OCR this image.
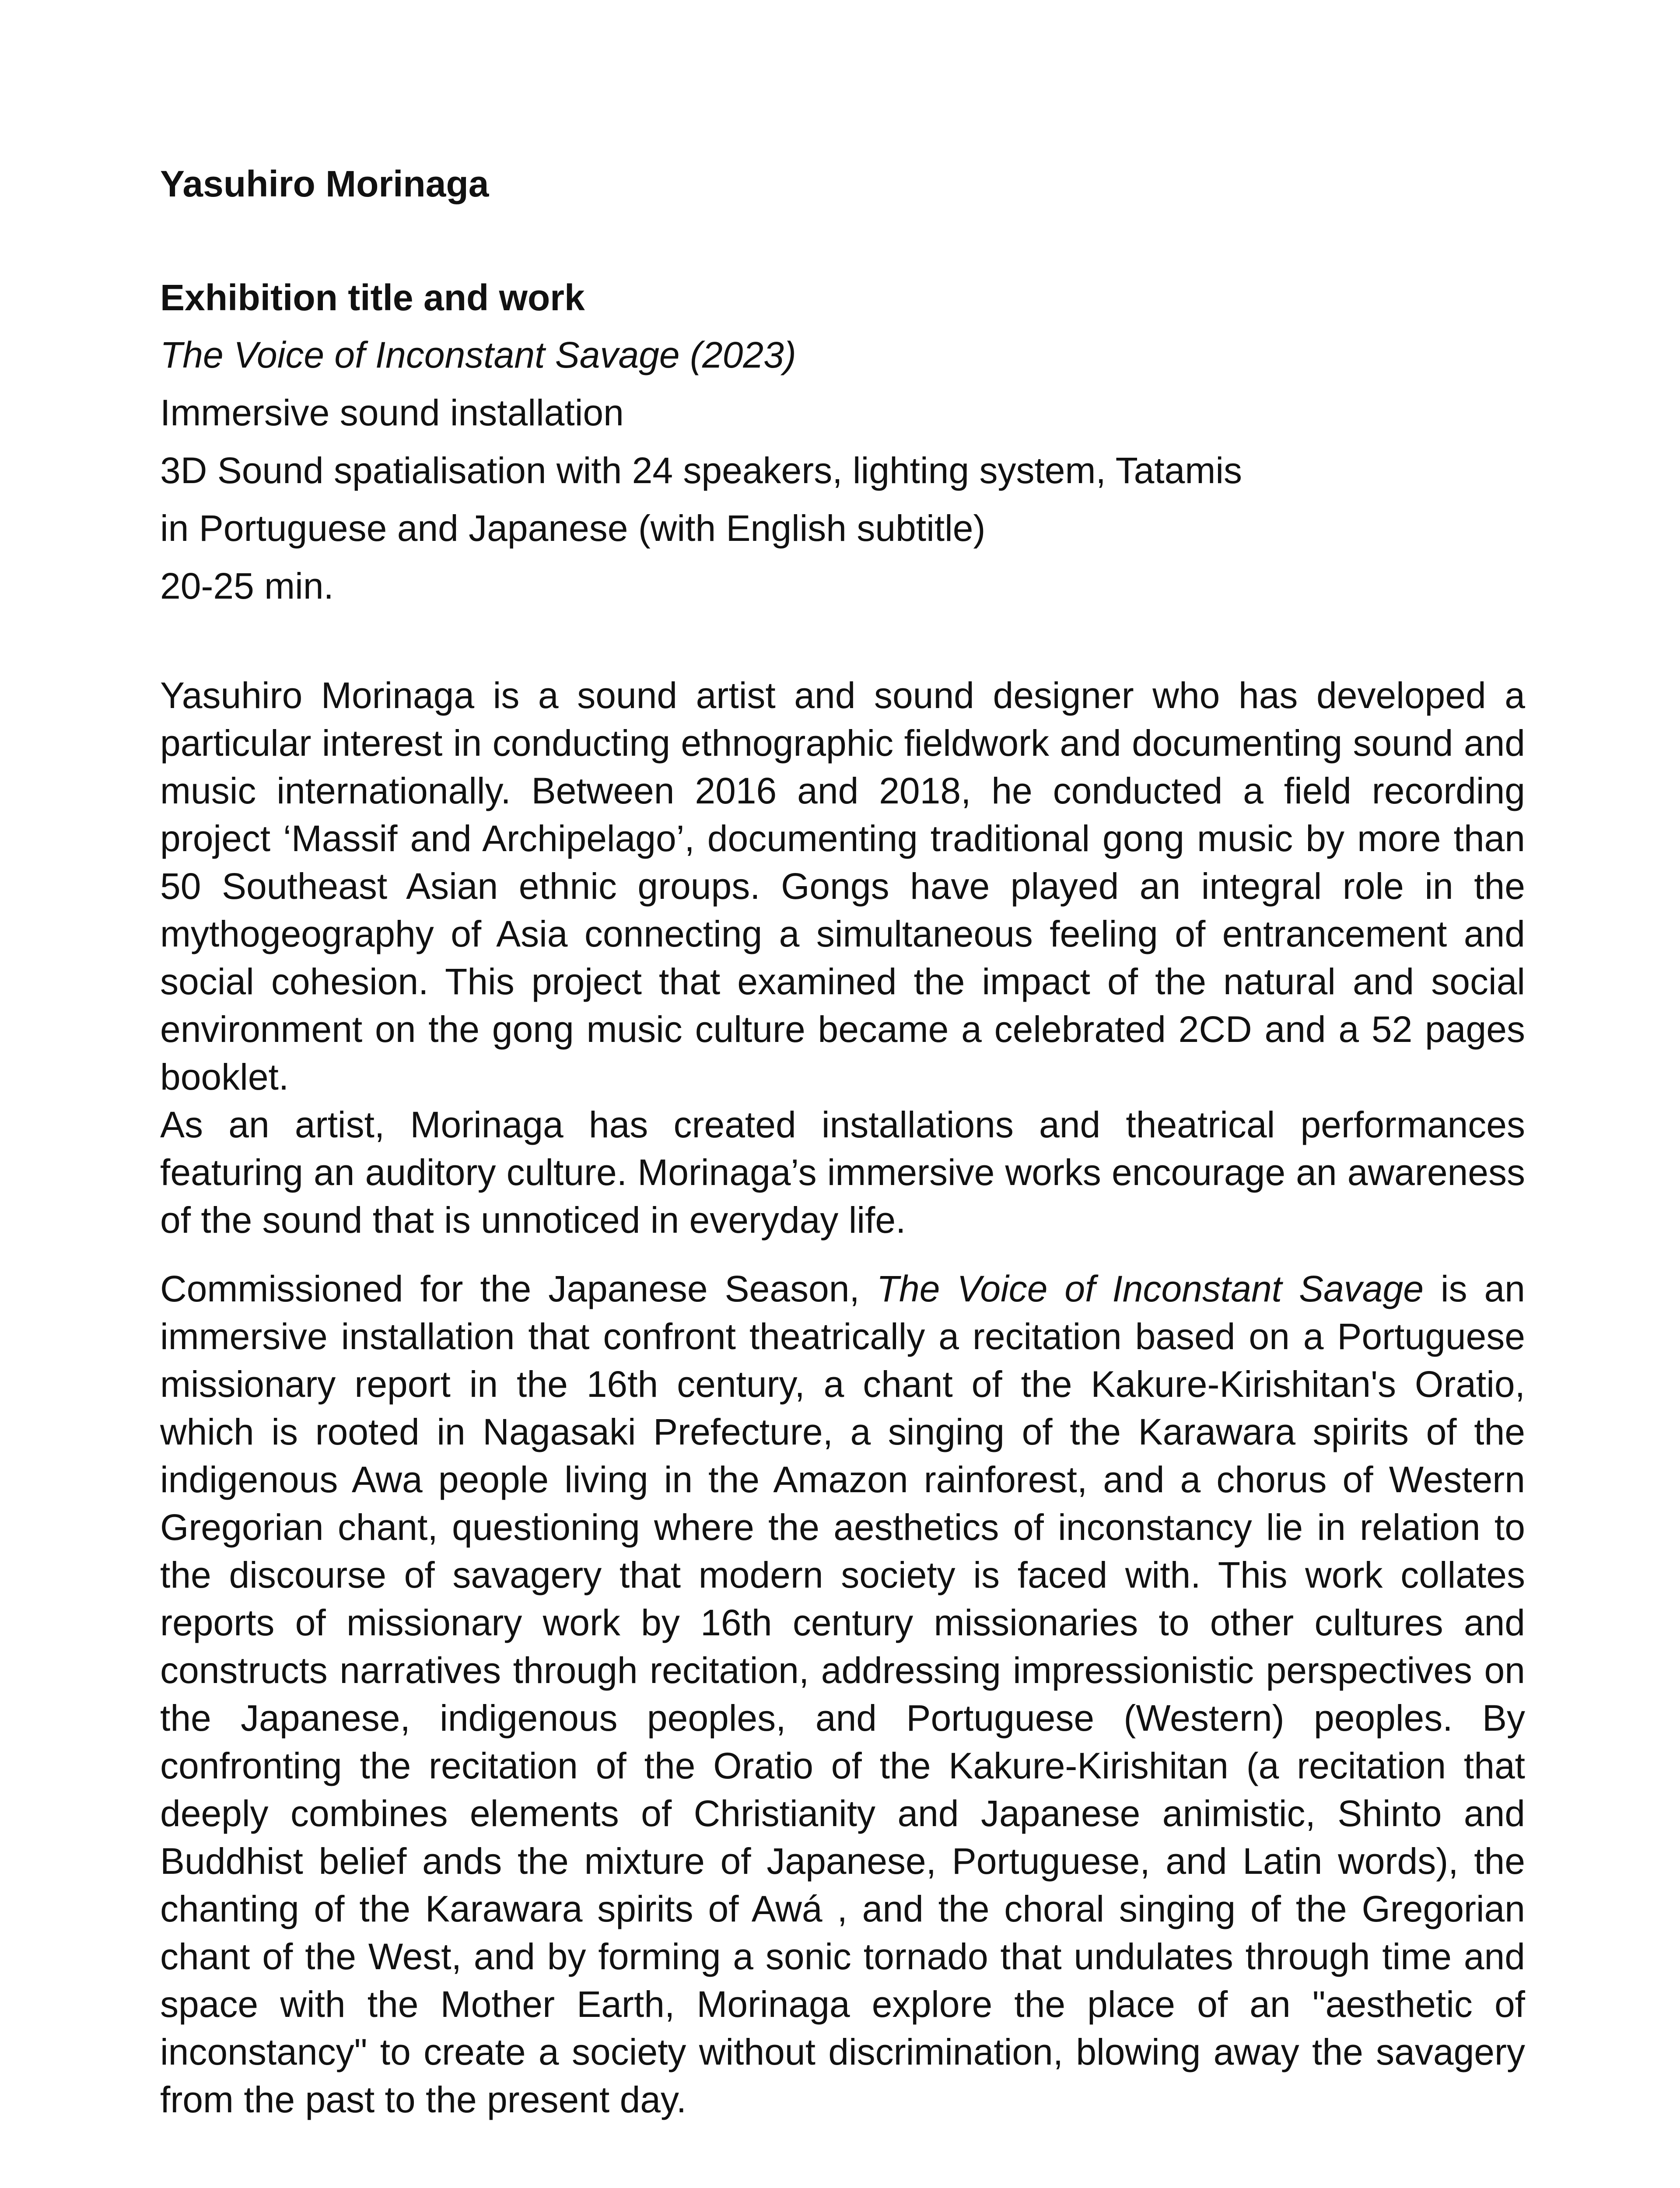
Yasuhiro Morinaga

Exhibition title and work

The Voice of Inconstant Savage (2023)

Immersive sound installation

3D Sound spatialisation with 24 speakers, lighting system, Tatamis

in Portuguese and Japanese (with English subtitle)

20-25 min.

Yasuhiro Morinaga is a sound artist and sound designer who has developed a particular interest in conducting ethnographic fieldwork and documenting sound and music internationally. Between 2016 and 2018, he conducted a field recording project ‘Massif and Archipelago’, documenting traditional gong music by more than 50 Southeast Asian ethnic groups. Gongs have played an integral role in the mythogeography of Asia connecting a simultaneous feeling of entrancement and social cohesion. This project that examined the impact of the natural and social environment on the gong music culture became a celebrated 2CD and a 52 pages booklet.

As an artist, Morinaga has created installations and theatrical performances featuring an auditory culture. Morinaga’s immersive works encourage an awareness of the sound that is unnoticed in everyday life.

Commissioned for the Japanese Season, The Voice of Inconstant Savage is an immersive installation that confront theatrically a recitation based on a Portuguese missionary report in the 16th century, a chant of the Kakure-Kirishitan's Oratio, which is rooted in Nagasaki Prefecture, a singing of the Karawara spirits of the indigenous Awa people living in the Amazon rainforest, and a chorus of Western Gregorian chant, questioning where the aesthetics of inconstancy lie in relation to the discourse of savagery that modern society is faced with. This work collates reports of missionary work by 16th century missionaries to other cultures and constructs narratives through recitation, addressing impressionistic perspectives on the Japanese, indigenous peoples, and Portuguese (Western) peoples. By confronting the recitation of the Oratio of the Kakure-Kirishitan (a recitation that deeply combines elements of Christianity and Japanese animistic, Shinto and Buddhist belief ands the mixture of Japanese, Portuguese, and Latin words), the chanting of the Karawara spirits of Awá , and the choral singing of the Gregorian chant of the West, and by forming a sonic tornado that undulates through time and space with the Mother Earth, Morinaga explore the place of an "aesthetic of inconstancy" to create a society without discrimination, blowing away the savagery from the past to the present day.
